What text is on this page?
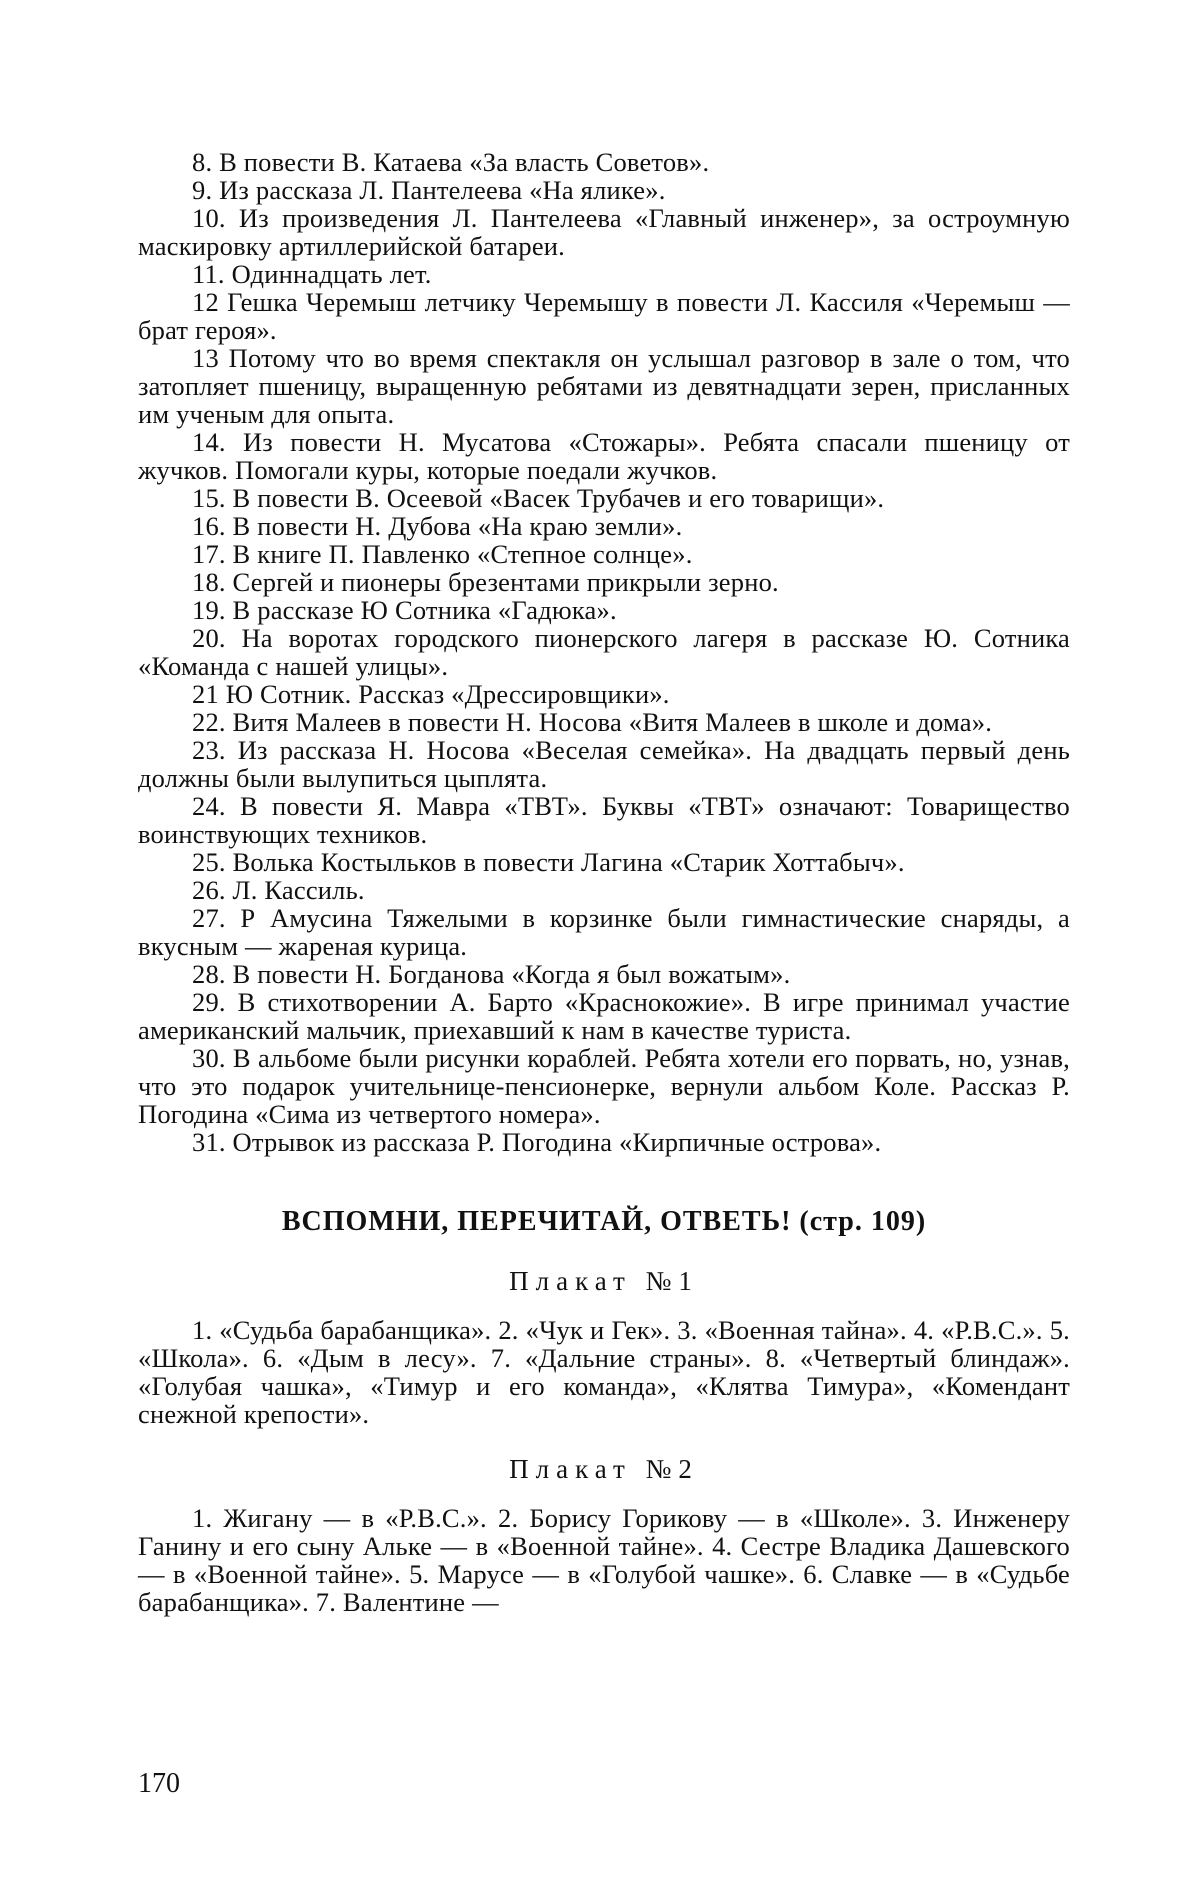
8. В повести В. Катаева «За власть Советов».

9. Из рассказа Л. Пантелеева «На ялике».

10. Из произведения Л. Пантелеева «Главный инженер», за остроумную маскировку артиллерийской батареи.

11. Одиннадцать лет.

12 Гешка Черемыш летчику Черемышу в повести Л. Кассиля «Черемыш — брат героя».

13 Потому что во время спектакля он услышал разговор в зале о том, что затопляет пшеницу, выращенную ребятами из девятнадцати зерен, присланных им ученым для опыта.

14. Из повести Н. Мусатова «Стожары». Ребята спасали пшеницу от жучков. Помогали куры, которые поедали жучков.

15. В повести В. Осеевой «Васек Трубачев и его товарищи».

16. В повести Н. Дубова «На краю земли».

17. В книге П. Павленко «Степное солнце».

18. Сергей и пионеры брезентами прикрыли зерно.

19. В рассказе Ю Сотника «Гадюка».

20. На воротах городского пионерского лагеря в рассказе Ю. Сотника «Команда с нашей улицы».

21 Ю Сотник. Рассказ «Дрессировщики».

22. Витя Малеев в повести Н. Носова «Витя Малеев в школе и дома».

23. Из рассказа Н. Носова «Веселая семейка». На двадцать первый день должны были вылупиться цыплята.

24. В повести Я. Мавра «ТВТ». Буквы «ТВТ» означают: Товарищество воинствующих техников.

25. Волька Костыльков в повести Лагина «Старик Хоттабыч».

26. Л. Кассиль.

27. Р Амусина Тяжелыми в корзинке были гимнастические снаряды, а вкусным — жареная курица.

28. В повести Н. Богданова «Когда я был вожатым».

29. В стихотворении А. Барто «Краснокожие». В игре принимал участие американский мальчик, приехавший к нам в качестве туриста.

30. В альбоме были рисунки кораблей. Ребята хотели его порвать, но, узнав, что это подарок учительнице-пенсионерке, вернули альбом Коле. Рассказ Р. Погодина «Сима из четвертого номера».

31. Отрывок из рассказа Р. Погодина «Кирпичные острова».

ВСПОМНИ, ПЕРЕЧИТАЙ, ОТВЕТЬ! (стр. 109)
Плакат №1

1. «Судьба барабанщика». 2. «Чук и Гек». 3. «Военная тайна». 4. «Р.В.С.». 5. «Школа». 6. «Дым в лесу». 7. «Дальние страны». 8. «Четвертый блиндаж». «Голубая чашка», «Тимур и его команда», «Клятва Тимура», «Комендант снежной крепости».

Плакат №2

1. Жигану — в «Р.В.С.». 2. Борису Горикову — в «Школе». 3. Инженеру Ганину и его сыну Альке — в «Военной тайне». 4. Сестре Владика Дашевского — в «Военной тайне». 5. Марусе — в «Голубой чашке». 6. Славке — в «Судьбе барабанщика». 7. Валентине —

170
